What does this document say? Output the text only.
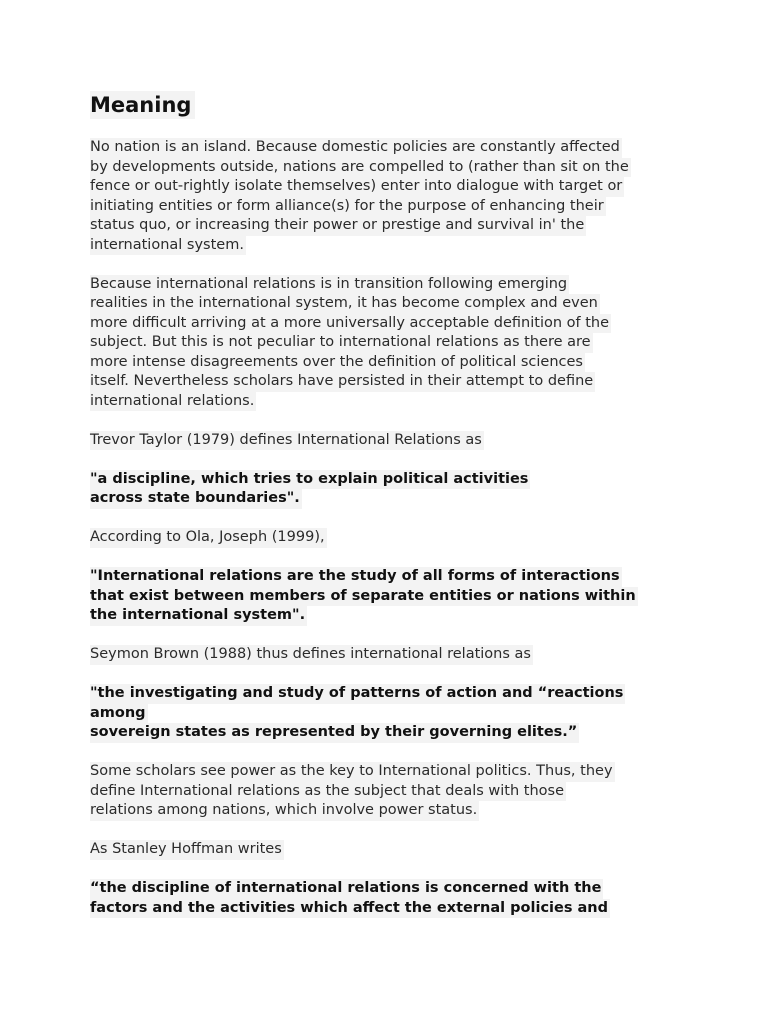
Meaning
No nation is an island. Because domestic policies are constantly affected
by developments outside, nations are compelled to (rather than sit on the
fence or out-rightly isolate themselves) enter into dialogue with target or
initiating entities or form alliance(s) for the purpose of enhancing their
status quo, or increasing their power or prestige and survival in' the
international system.
Because international relations is in transition following emerging
realities in the international system, it has become complex and even
more difficult arriving at a more universally acceptable definition of the
subject. But this is not peculiar to international relations as there are
more intense disagreements over the definition of political sciences
itself. Nevertheless scholars have persisted in their attempt to define
international relations.
Trevor Taylor (1979) defines International Relations as
"a discipline, which tries to explain political activities
across state boundaries".
According to Ola, Joseph (1999),
"International relations are the study of all forms of interactions
that exist between members of separate entities or nations within
the international system".
Seymon Brown (1988) thus defines international relations as
"the investigating and study of patterns of action and “reactions
among
sovereign states as represented by their governing elites.”
Some scholars see power as the key to International politics. Thus, they
define International relations as the subject that deals with those
relations among nations, which involve power status.
As Stanley Hoffman writes
“the discipline of international relations is concerned with the
factors and the activities which affect the external policies and
